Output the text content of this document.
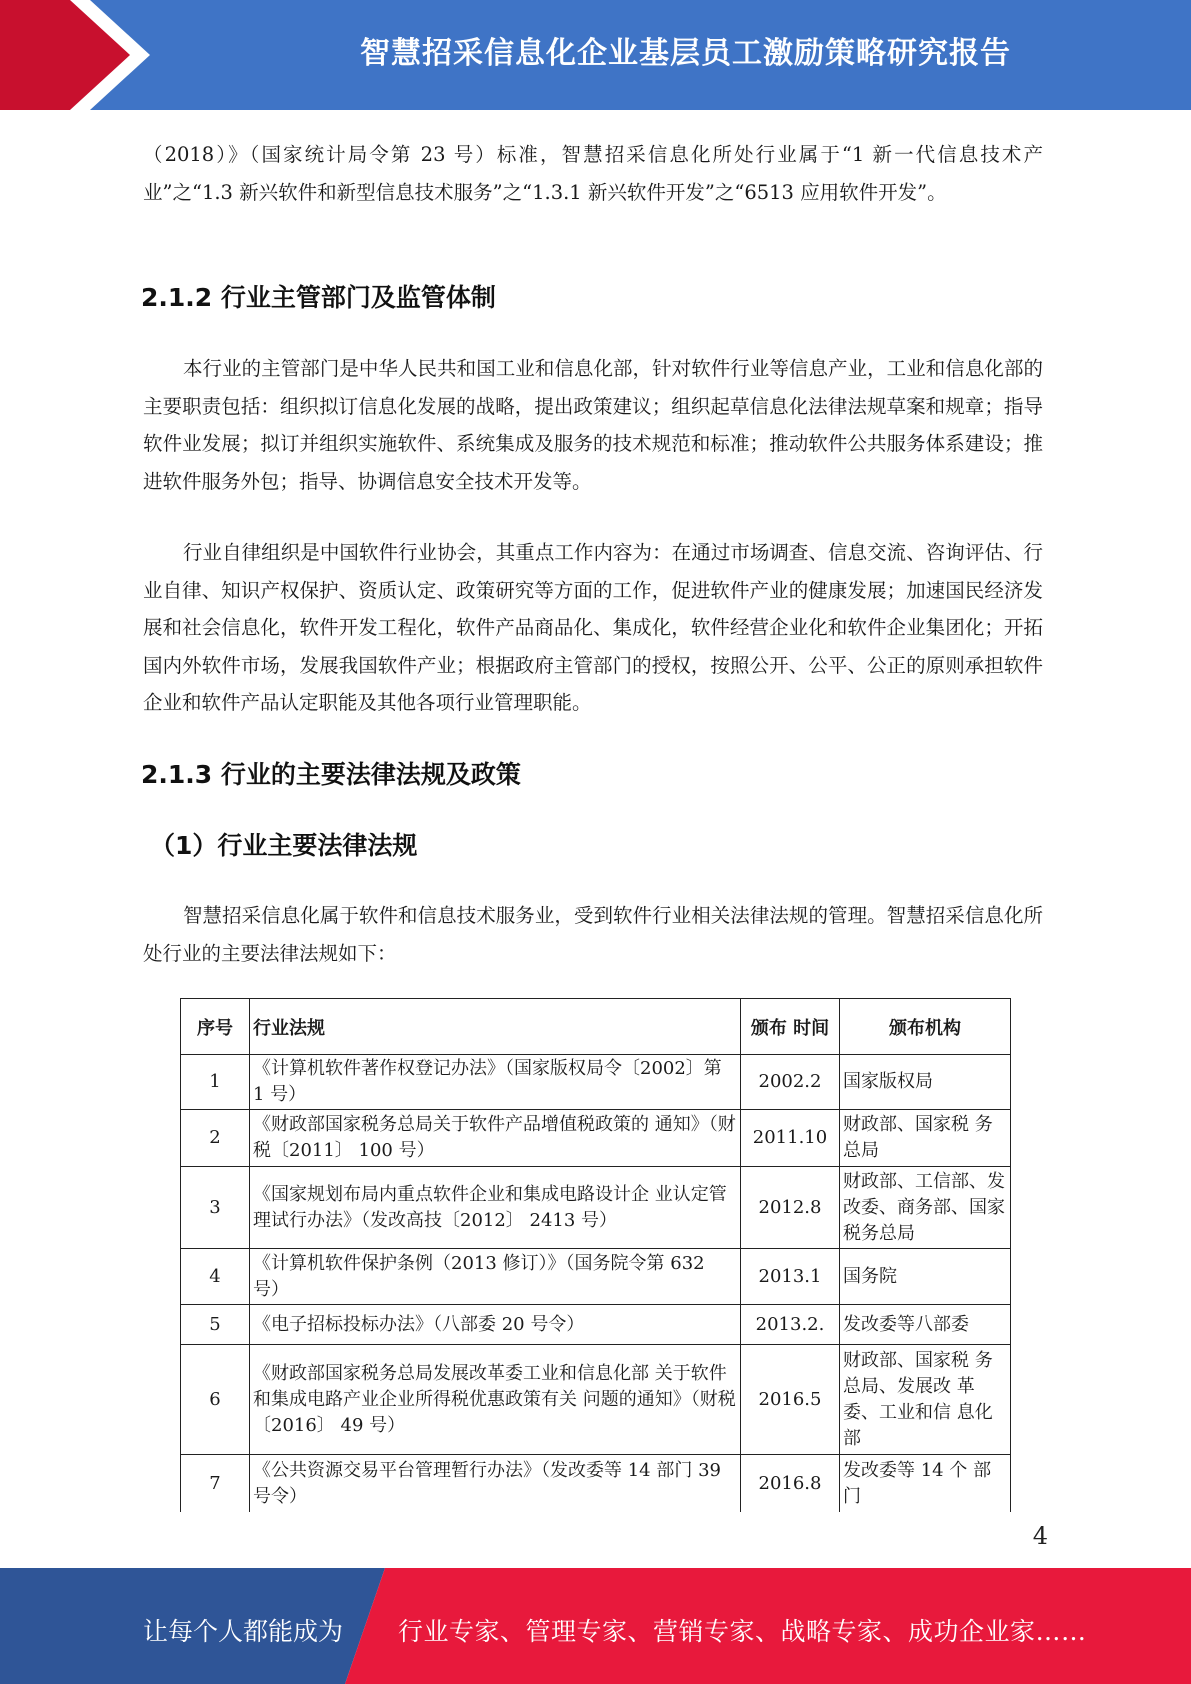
智慧招采信息化企业基层员工激励策略研究报告

（2018）》（国家统计局令第 23 号）标准，智慧招采信息化所处行业属于“1 新一代信息技术产业”之“1.3 新兴软件和新型信息技术服务”之“1.3.1 新兴软件开发”之“6513 应用软件开发”。

2.1.2 行业主管部门及监管体制

本行业的主管部门是中华人民共和国工业和信息化部，针对软件行业等信息产业，工业和信息化部的主要职责包括：组织拟订信息化发展的战略，提出政策建议；组织起草信息化法律法规草案和规章；指导软件业发展；拟订并组织实施软件、系统集成及服务的技术规范和标准；推动软件公共服务体系建设；推进软件服务外包；指导、协调信息安全技术开发等。

行业自律组织是中国软件行业协会，其重点工作内容为：在通过市场调查、信息交流、咨询评估、行业自律、知识产权保护、资质认定、政策研究等方面的工作，促进软件产业的健康发展；加速国民经济发展和社会信息化，软件开发工程化，软件产品商品化、集成化，软件经营企业化和软件企业集团化；开拓国内外软件市场，发展我国软件产业；根据政府主管部门的授权，按照公开、公平、公正的原则承担软件企业和软件产品认定职能及其他各项行业管理职能。

2.1.3 行业的主要法律法规及政策
（1）行业主要法律法规

智慧招采信息化属于软件和信息技术服务业，受到软件行业相关法律法规的管理。智慧招采信息化所处行业的主要法律法规如下：

序号	行业法规	颁布 时间	颁布机构
1	《计算机软件著作权登记办法》（国家版权局令〔2002〕第 1 号）	2002.2	国家版权局
2	《财政部国家税务总局关于软件产品增值税政策的 通知》（财税〔2011〕 100 号）	2011.10	财政部、国家税 务总局
3	《国家规划布局内重点软件企业和集成电路设计企 业认定管理试行办法》（发改高技〔2012〕 2413 号）	2012.8	财政部、工信部、发改委、商务部、国家税务总局
4	《计算机软件保护条例（2013 修订）》（国务院令第 632 号）	2013.1	国务院
5	《电子招标投标办法》（八部委 20 号令）	2013.2.	发改委等八部委
6	《财政部国家税务总局发展改革委工业和信息化部 关于软件和集成电路产业企业所得税优惠政策有关 问题的通知》（财税〔2016〕 49 号）	2016.5	财政部、国家税 务总局、发展改 革委、工业和信 息化部
7	《公共资源交易平台管理暂行办法》（发改委等 14 部门 39 号令）	2016.8	发改委等 14 个 部门
4
让每个人都能成为 行业专家、管理专家、营销专家、战略专家、成功企业家……
